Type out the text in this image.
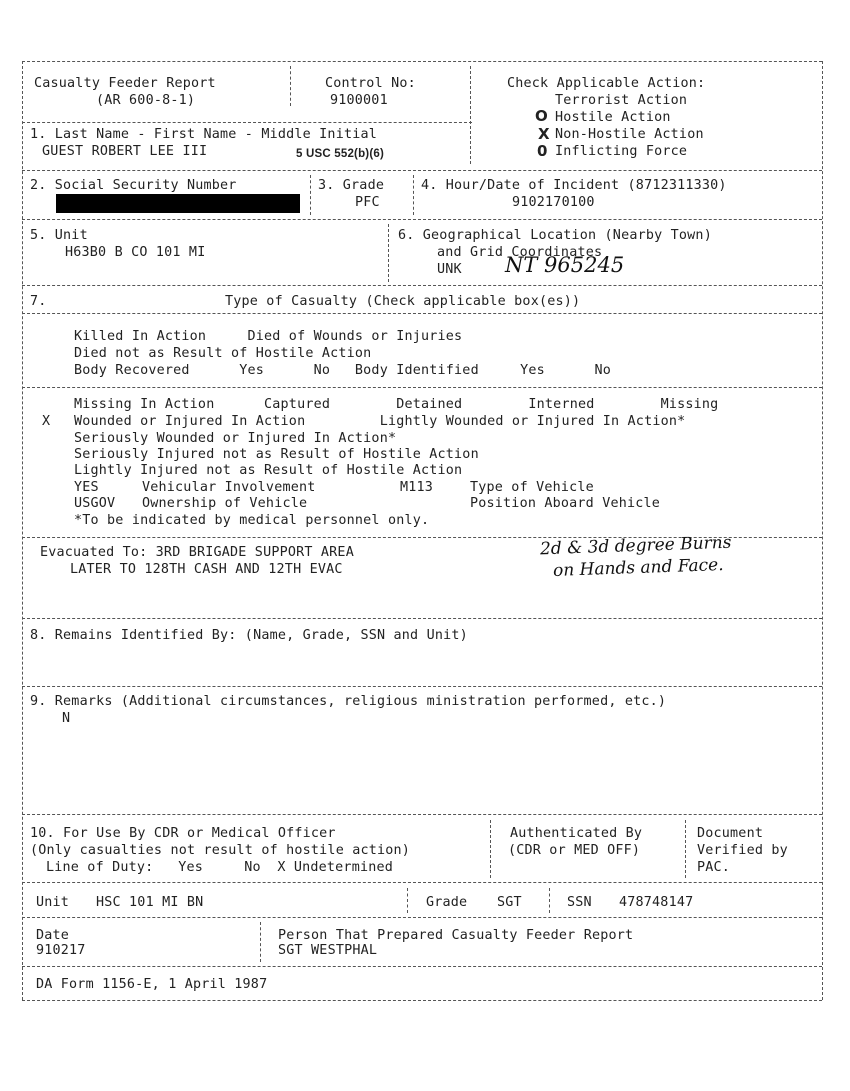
Casualty Feeder Report
(AR 600-8-1)
Control No:
9100001
Check Applicable Action:
Terrorist Action
O Hostile Action
X Non-Hostile Action
0 Inflicting Force
1. Last Name - First Name - Middle Initial
GUEST ROBERT LEE III	5 USC 552(b)(6)
2. Social Security Number	3. Grade
PFC
4. Hour/Date of Incident (8712311330)
9102170100
5. Unit
H63B0 B CO 101 MI
6. Geographical Location (Nearby Town)
and Grid Coordinates
UNK NT 965245
7.	Type of Casualty (Check applicable box(es))
Killed In Action     Died of Wounds or Injuries
Died not as Result of Hostile Action
Body Recovered      Yes      No   Body Identified     Yes      No
Missing In Action      Captured        Detained        Interned        Missing
X Wounded or Injured In Action         Lightly Wounded or Injured In Action*
Seriously Wounded or Injured In Action*
Seriously Injured not as Result of Hostile Action
Lightly Injured not as Result of Hostile Action
YES	Vehicular Involvement	M113	Type of Vehicle
USGOV Ownership of Vehicle	Position Aboard Vehicle
*To be indicated by medical personnel only.
Evacuated To: 3RD BRIGADE SUPPORT AREA
LATER TO 128TH CASH AND 12TH EVAC
2d & 3d degree Burns
on Hands and Face.
8. Remains Identified By: (Name, Grade, SSN and Unit)
9. Remarks (Additional circumstances, religious ministration performed, etc.)
N
10. For Use By CDR or Medical Officer
(Only casualties not result of hostile action)
Line of Duty:   Yes     No  X Undetermined
Authenticated By
(CDR or MED OFF)
Document
Verified by
PAC.
Unit HSC 101 MI BN	Grade SGT	SSN 478748147
Date
910217
Person That Prepared Casualty Feeder Report
SGT WESTPHAL
DA Form 1156-E, 1 April 1987
